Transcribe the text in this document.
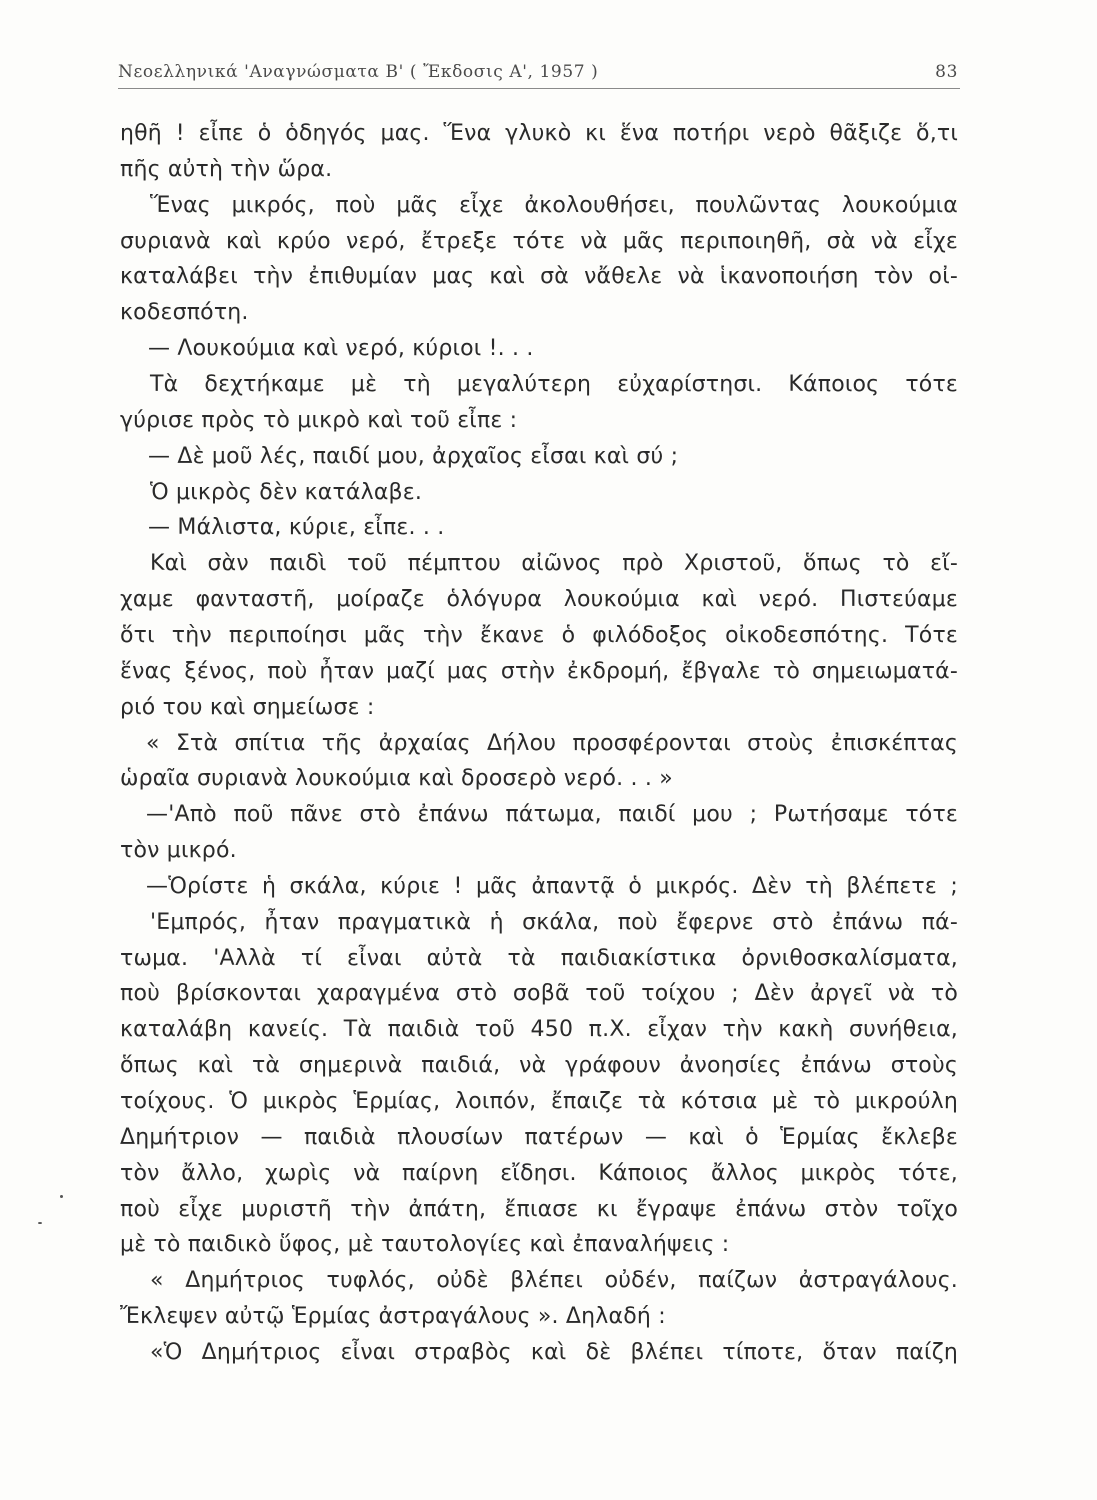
Νεοελληνικά 'Αναγνώσματα Β' ( Ἔκδοσις Α', 1957 )	83
ηθῆ ! εἶπε ὁ ὁδηγός μας. Ἕνα γλυκὸ κι ἕνα ποτήρι νερὸ θᾶξιζε ὅ,τι
πῆς αὐτὴ τὴν ὥρα.
Ἕνας μικρός, ποὺ μᾶς εἶχε ἀκολουθήσει, πουλῶντας λουκούμια
συριανὰ καὶ κρύο νερό, ἔτρεξε τότε νὰ μᾶς περιποιηθῆ, σὰ νὰ εἶχε
καταλάβει τὴν ἐπιθυμίαν μας καὶ σὰ νἄθελε νὰ ἱκανοποιήση τὸν οἰ-
κοδεσπότη.
— Λουκούμια καὶ νερό, κύριοι !. . .
Τὰ δεχτήκαμε μὲ τὴ μεγαλύτερη εὐχαρίστησι. Κάποιος τότε
γύρισε πρὸς τὸ μικρὸ καὶ τοῦ εἶπε :
— Δὲ μοῦ λές, παιδί μου, ἀρχαῖος εἶσαι καὶ σύ ;
Ὁ μικρὸς δὲν κατάλαβε.
— Μάλιστα, κύριε, εἶπε. . .
Καὶ σὰν παιδὶ τοῦ πέμπτου αἰῶνος πρὸ Χριστοῦ, ὅπως τὸ εἴ-
χαμε φανταστῆ, μοίραζε ὁλόγυρα λουκούμια καὶ νερό. Πιστεύαμε
ὅτι τὴν περιποίησι μᾶς τὴν ἔκανε ὁ φιλόδοξος οἰκοδεσπότης. Τότε
ἕνας ξένος, ποὺ ἦταν μαζί μας στὴν ἐκδρομή, ἔβγαλε τὸ σημειωματά-
ριό του καὶ σημείωσε :
« Στὰ σπίτια τῆς ἀρχαίας Δήλου προσφέρονται στοὺς ἐπισκέπτας
ὡραῖα συριανὰ λουκούμια καὶ δροσερὸ νερό. . . »
—'Απὸ ποῦ πᾶνε στὸ ἐπάνω πάτωμα, παιδί μου ; Ρωτήσαμε τότε
τὸν μικρό.
—Ὁρίστε ἡ σκάλα, κύριε ! μᾶς ἀπαντᾷ ὁ μικρός. Δὲν τὴ βλέπετε ;
'Εμπρός, ἦταν πραγματικὰ ἡ σκάλα, ποὺ ἔφερνε στὸ ἐπάνω πά-
τωμα. 'Αλλὰ τί εἶναι αὐτὰ τὰ παιδιακίστικα ὀρνιθοσκαλίσματα,
ποὺ βρίσκονται χαραγμένα στὸ σοβᾶ τοῦ τοίχου ; Δὲν ἀργεῖ νὰ τὸ
καταλάβη κανείς. Τὰ παιδιὰ τοῦ 450 π.Χ. εἶχαν τὴν κακὴ συνήθεια,
ὅπως καὶ τὰ σημερινὰ παιδιά, νὰ γράφουν ἀνοησίες ἐπάνω στοὺς
τοίχους. Ὁ μικρὸς Ἑρμίας, λοιπόν, ἔπαιζε τὰ κότσια μὲ τὸ μικρούλη
Δημήτριον — παιδιὰ πλουσίων πατέρων — καὶ ὁ Ἑρμίας ἔκλεβε
τὸν ἄλλο, χωρὶς νὰ παίρνη εἴδησι. Κάποιος ἄλλος μικρὸς τότε,
ποὺ εἶχε μυριστῆ τὴν ἀπάτη, ἔπιασε κι ἔγραψε ἐπάνω στὸν τοῖχο
μὲ τὸ παιδικὸ ὕφος, μὲ ταυτολογίες καὶ ἐπαναλήψεις :
« Δημήτριος τυφλός, οὐδὲ βλέπει οὐδέν, παίζων ἀστραγάλους.
Ἔκλεψεν αὐτῷ Ἑρμίας ἀστραγάλους ». Δηλαδή :
«Ὁ Δημήτριος εἶναι στραβὸς καὶ δὲ βλέπει τίποτε, ὅταν παίζη
